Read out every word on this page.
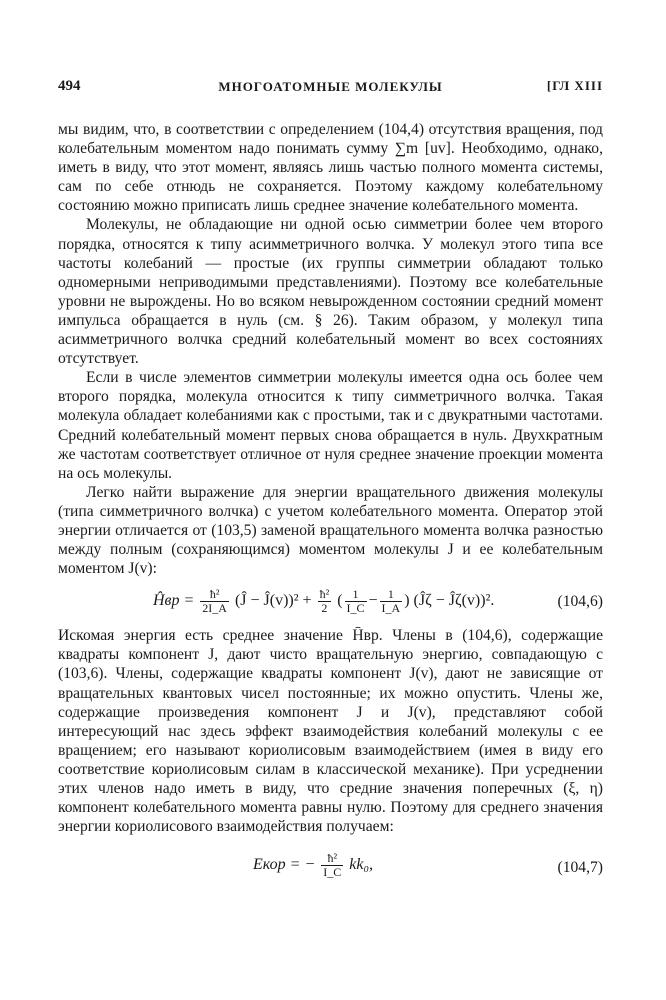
494	МНОГОАТОМНЫЕ МОЛЕКУЛЫ	[ГЛ XIII

мы видим, что, в соответствии с определением (104,4) отсутствия вращения, под колебательным моментом надо понимать сумму ∑m [uv]. Необходимо, однако, иметь в виду, что этот момент, являясь лишь частью полного момента системы, сам по себе отнюдь не сохраняется. Поэтому каждому колебательному состоянию можно приписать лишь среднее значение колебательного момента.

Молекулы, не обладающие ни одной осью симметрии более чем второго порядка, относятся к типу асимметричного волчка. У молекул этого типа все частоты колебаний — простые (их группы симметрии обладают только одномерными неприводимыми представлениями). Поэтому все колебательные уровни не вырождены. Но во всяком невырожденном состоянии средний момент импульса обращается в нуль (см. § 26). Таким образом, у молекул типа асимметричного волчка средний колебательный момент во всех состояниях отсутствует.

Если в числе элементов симметрии молекулы имеется одна ось более чем второго порядка, молекула относится к типу симметричного волчка. Такая молекула обладает колебаниями как с простыми, так и с двукратными частотами. Средний колебательный момент первых снова обращается в нуль. Двухкратным же частотам соответствует отличное от нуля среднее значение проекции момента на ось молекулы.

Легко найти выражение для энергии вращательного движения молекулы (типа симметричного волчка) с учетом колебательного момента. Оператор этой энергии отличается от (103,5) заменой вращательного момента волчка разностью между полным (сохраняющимся) моментом молекулы J и ее колебательным моментом J(v):

Ĥвр = $\frac{\text{ħ²}}{2I\_A}$ (Ĵ − Ĵ(v))² + $\frac{\text{ħ²}}{2}$ ( $\frac{1}{I\_C} - \frac{1}{I\_A}$ ) (Ĵζ − Ĵζ(v))².	(104,6)

Искомая энергия есть среднее значение H̄вр. Члены в (104,6), содержащие квадраты компонент J, дают чисто вращательную энергию, совпадающую с (103,6). Члены, содержащие квадраты компонент J(v), дают не зависящие от вращательных квантовых чисел постоянные; их можно опустить. Члены же, содержащие произведения компонент J и J(v), представляют собой интересующий нас здесь эффект взаимодействия колебаний молекулы с ее вращением; его называют кориолисовым взаимодействием (имея в виду его соответствие кориолисовым силам в классической механике). При усреднении этих членов надо иметь в виду, что средние значения поперечных (ξ, η) компонент колебательного момента равны нулю. Поэтому для среднего значения энергии кориолисового взаимодействия получаем:

Eкор = − $\frac{\text{ħ²}}{I\_C} kk_0$,	(104,7)
